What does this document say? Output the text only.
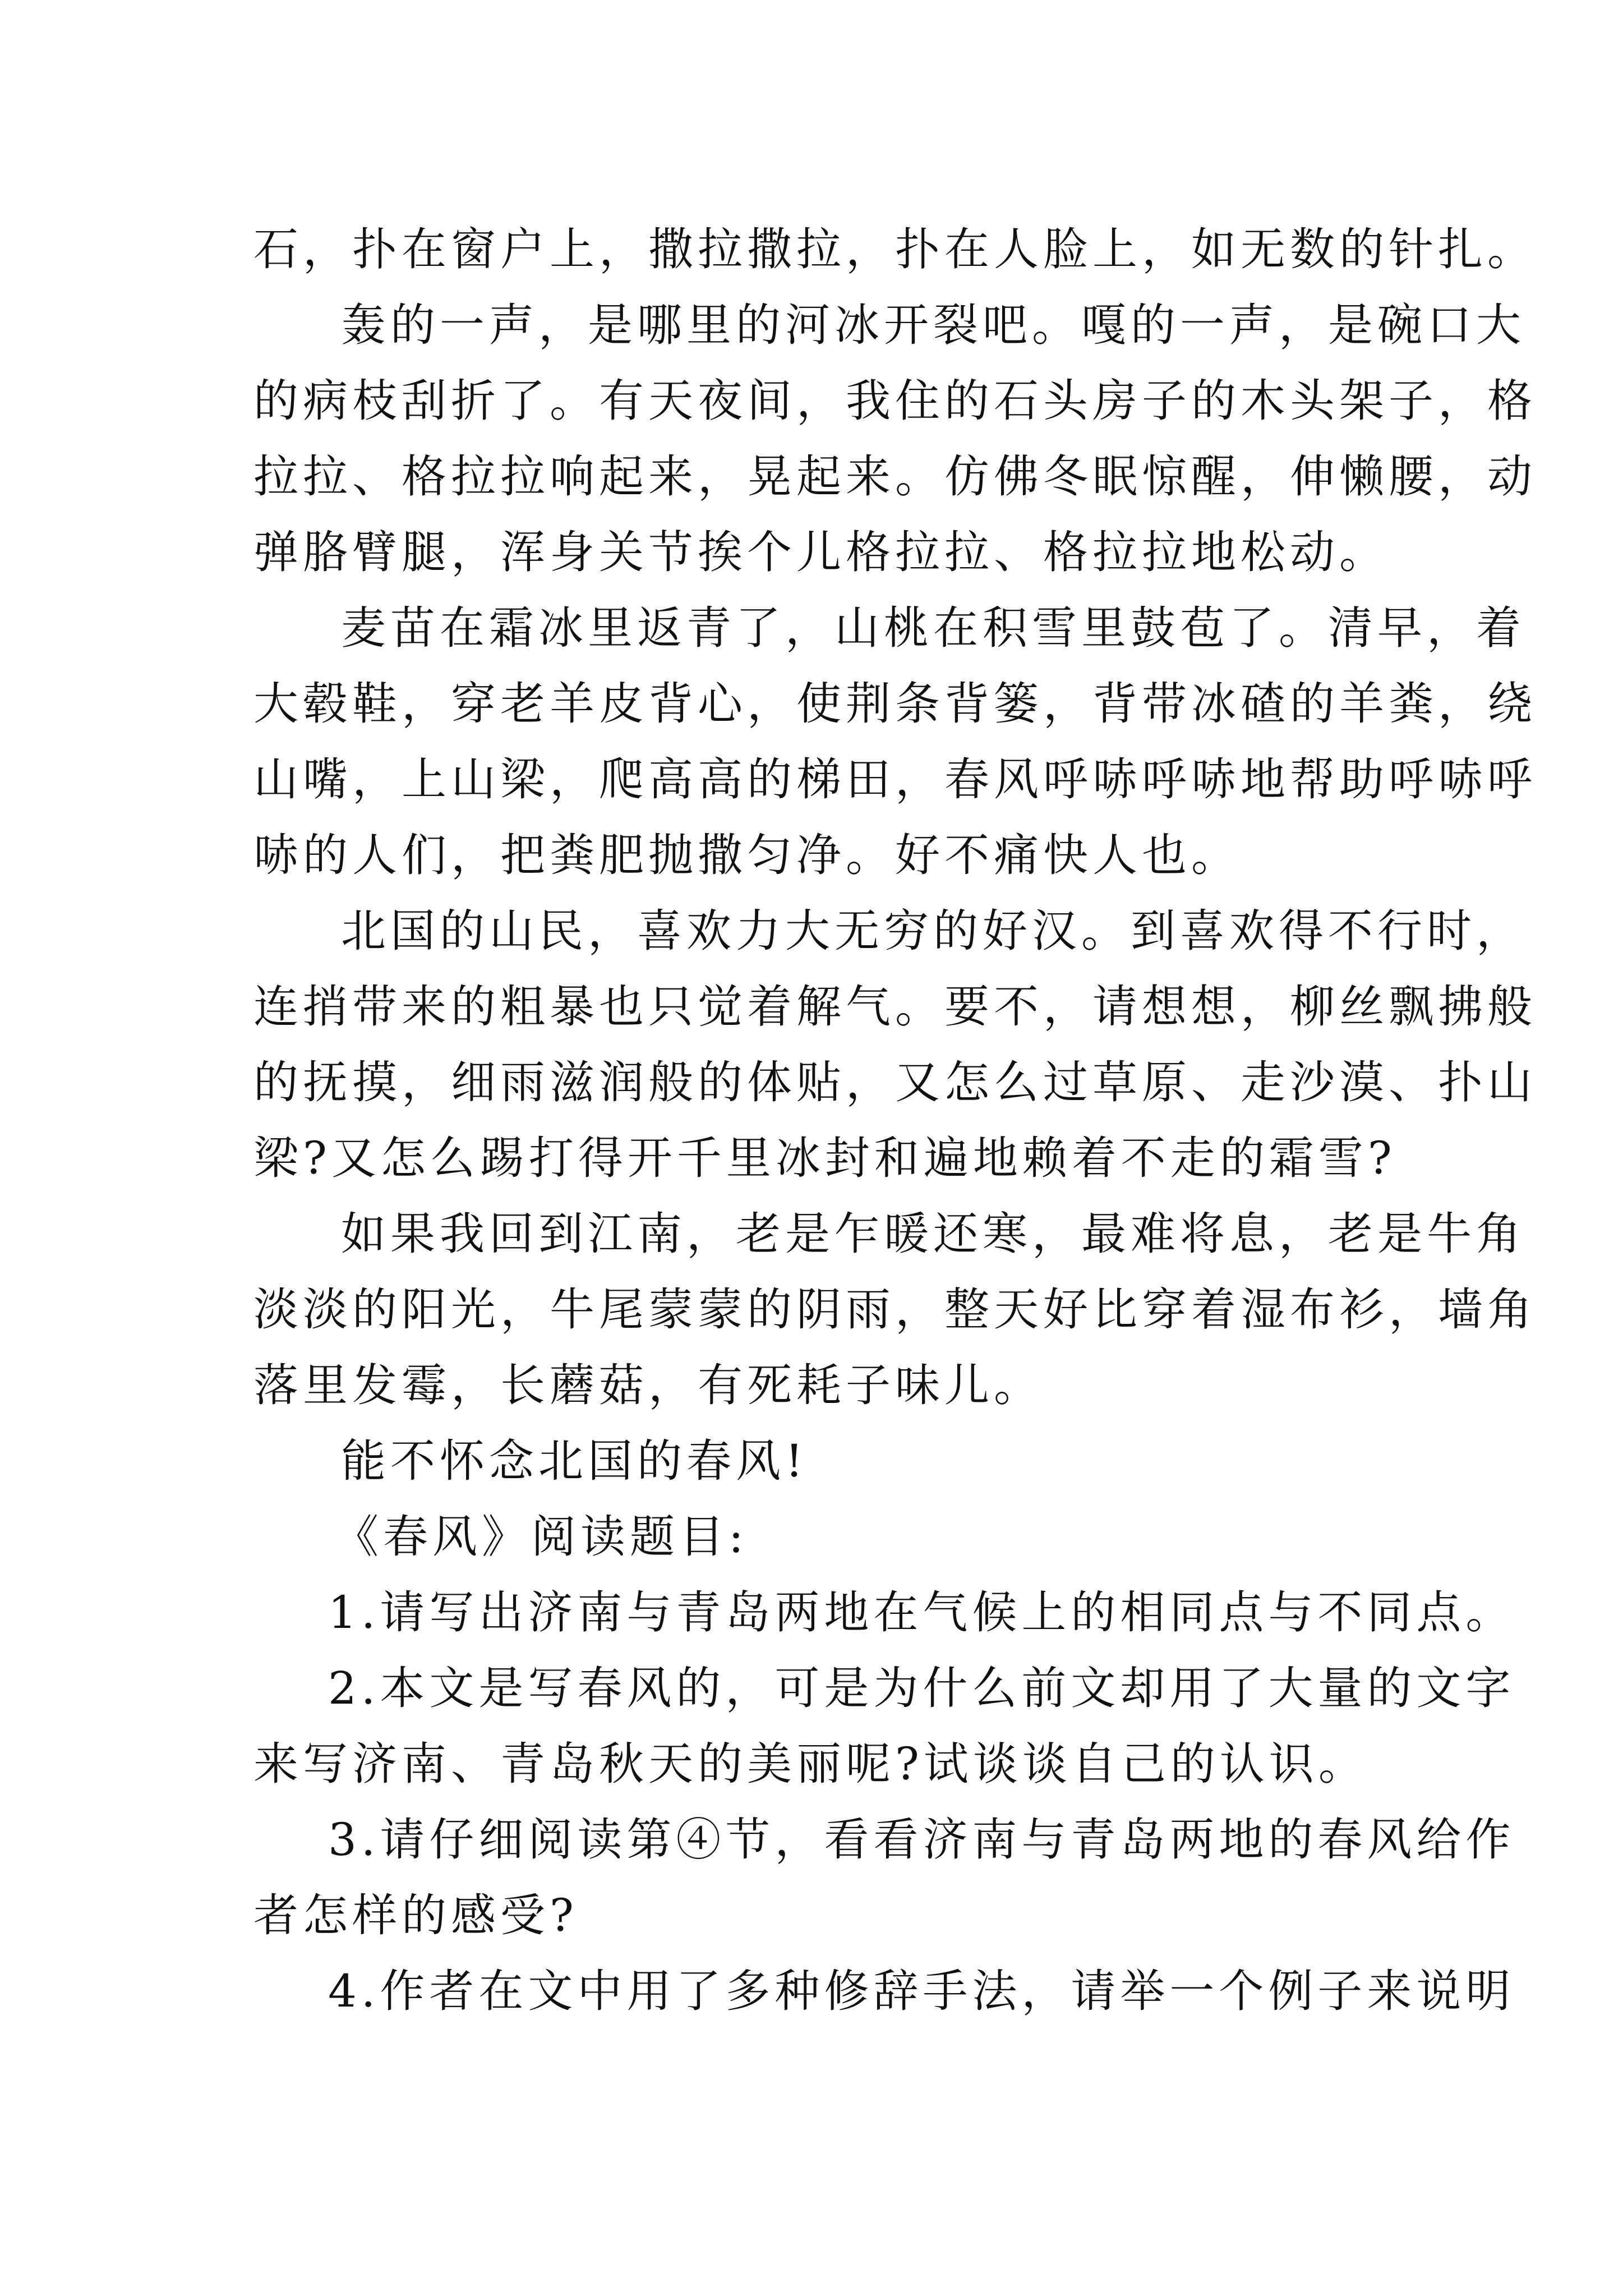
石，扑在窗户上，撒拉撒拉，扑在人脸上，如无数的针扎。
轰的一声，是哪里的河冰开裂吧。嘎的一声，是碗口大
的病枝刮折了。有天夜间，我住的石头房子的木头架子，格
拉拉、格拉拉响起来，晃起来。仿佛冬眠惊醒，伸懒腰，动
弹胳臂腿，浑身关节挨个儿格拉拉、格拉拉地松动。
麦苗在霜冰里返青了，山桃在积雪里鼓苞了。清早，着
大毂鞋，穿老羊皮背心，使荆条背篓，背带冰碴的羊粪，绕
山嘴，上山梁，爬高高的梯田，春风呼哧呼哧地帮助呼哧呼
哧的人们，把粪肥抛撒匀净。好不痛快人也。
北国的山民，喜欢力大无穷的好汉。到喜欢得不行时，
连捎带来的粗暴也只觉着解气。要不，请想想，柳丝飘拂般
的抚摸，细雨滋润般的体贴，又怎么过草原、走沙漠、扑山
梁?又怎么踢打得开千里冰封和遍地赖着不走的霜雪?
如果我回到江南，老是乍暖还寒，最难将息，老是牛角
淡淡的阳光，牛尾蒙蒙的阴雨，整天好比穿着湿布衫，墙角
落里发霉，长蘑菇，有死耗子味儿。
能不怀念北国的春风!
《春风》阅读题目:
1.请写出济南与青岛两地在气候上的相同点与不同点。
2.本文是写春风的，可是为什么前文却用了大量的文字
来写济南、青岛秋天的美丽呢?试谈谈自己的认识。
3.请仔细阅读第④节，看看济南与青岛两地的春风给作
者怎样的感受?
4.作者在文中用了多种修辞手法，请举一个例子来说明
